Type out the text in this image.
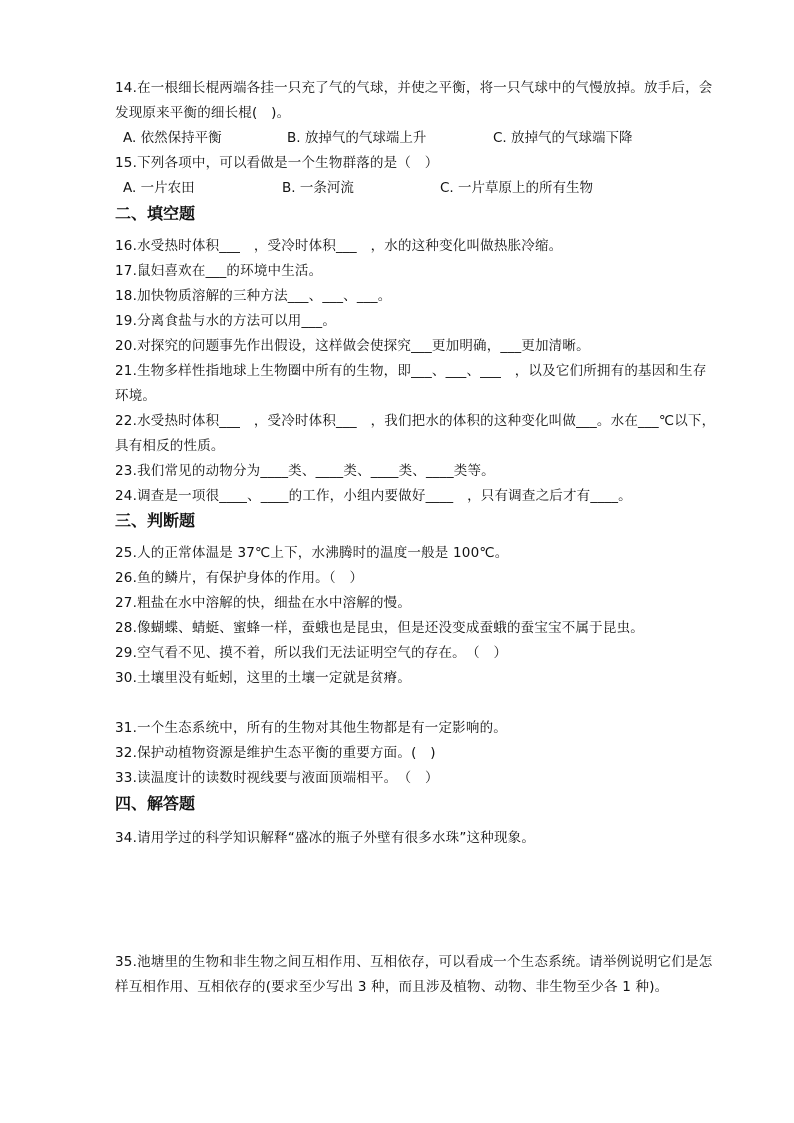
14.在一根细长棍两端各挂一只充了气的气球，并使之平衡，将一只气球中的气慢放掉。放手后，会
发现原来平衡的细长棍(　)。
A. 依然保持平衡	B. 放掉气的气球端上升	C. 放掉气的气球端下降
15.下列各项中，可以看做是一个生物群落的是（　）
A. 一片农田	B. 一条河流	C. 一片草原上的所有生物
二、填空题
16.水受热时体积___　，受冷时体积___　，水的这种变化叫做热胀冷缩。
17.鼠妇喜欢在___的环境中生活。
18.加快物质溶解的三种方法___、___、___。
19.分离食盐与水的方法可以用___。
20.对探究的问题事先作出假设，这样做会使探究___更加明确，___更加清晰。
21.生物多样性指地球上生物圈中所有的生物，即___、___、___　，以及它们所拥有的基因和生存
环境。
22.水受热时体积___　，受冷时体积___　，我们把水的体积的这种变化叫做___。水在___℃以下，
具有相反的性质。
23.我们常见的动物分为____类、____类、____类、____类等。
24.调查是一项很____、____的工作，小组内要做好____　，只有调查之后才有____。
三、判断题
25.人的正常体温是 37℃上下，水沸腾时的温度一般是 100℃。
26.鱼的鳞片，有保护身体的作用。（　）
27.粗盐在水中溶解的快，细盐在水中溶解的慢。
28.像蝴蝶、蜻蜓、蜜蜂一样，蚕蛾也是昆虫，但是还没变成蚕蛾的蚕宝宝不属于昆虫。
29.空气看不见、摸不着，所以我们无法证明空气的存在。　（　）
30.土壤里没有蚯蚓，这里的土壤一定就是贫瘠。
31.一个生态系统中，所有的生物对其他生物都是有一定影响的。
32.保护动植物资源是维护生态平衡的重要方面。(　)
33.读温度计的读数时视线要与液面顶端相平。　（　）
四、解答题
34.请用学过的科学知识解释“盛冰的瓶子外壁有很多水珠”这种现象。
35.池塘里的生物和非生物之间互相作用、互相依存，可以看成一个生态系统。请举例说明它们是怎
样互相作用、互相依存的(要求至少写出 3 种，而且涉及植物、动物、非生物至少各 1 种)。
